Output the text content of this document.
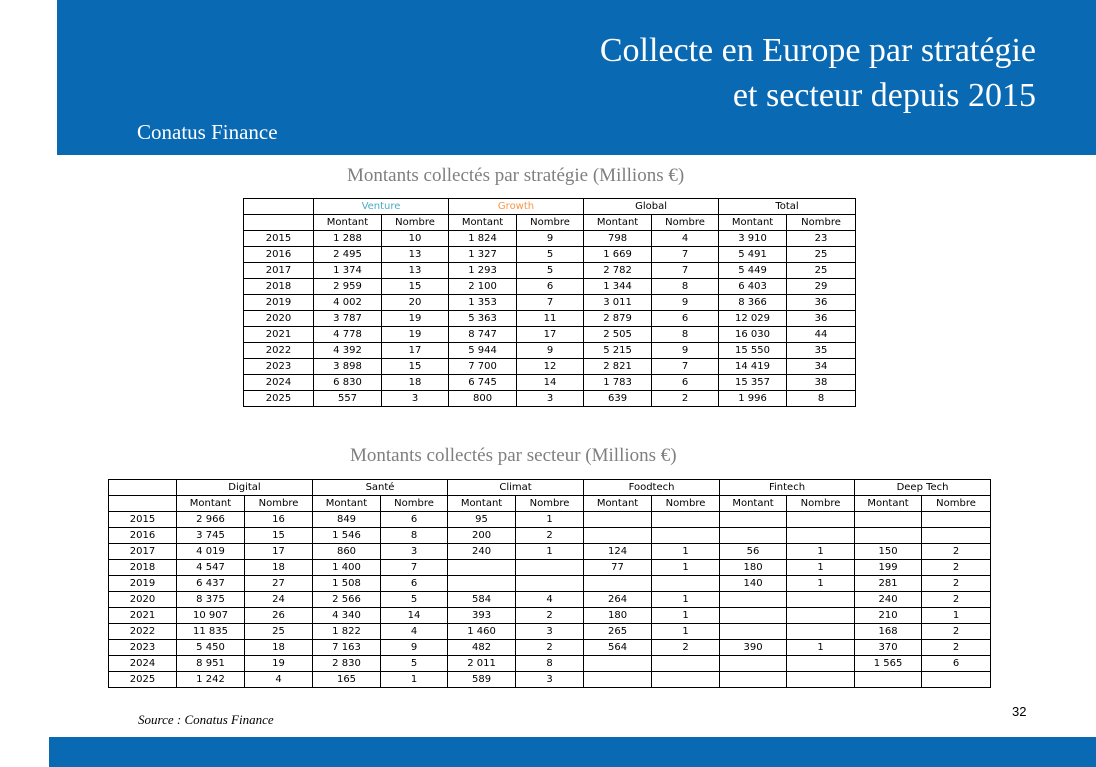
Collecte en Europe par stratégie
et secteur depuis 2015
Conatus Finance
Montants collectés par stratégie (Millions €)
	Venture		Growth		Global		Total	
	Montant	Nombre	Montant	Nombre	Montant	Nombre	Montant	Nombre
2015	1 288	10	1 824	9	798	4	3 910	23
2016	2 495	13	1 327	5	1 669	7	5 491	25
2017	1 374	13	1 293	5	2 782	7	5 449	25
2018	2 959	15	2 100	6	1 344	8	6 403	29
2019	4 002	20	1 353	7	3 011	9	8 366	36
2020	3 787	19	5 363	11	2 879	6	12 029	36
2021	4 778	19	8 747	17	2 505	8	16 030	44
2022	4 392	17	5 944	9	5 215	9	15 550	35
2023	3 898	15	7 700	12	2 821	7	14 419	34
2024	6 830	18	6 745	14	1 783	6	15 357	38
2025	557	3	800	3	639	2	1 996	8
Montants collectés par secteur (Millions €)
	Digital		Santé		Climat		Foodtech		Fintech		Deep Tech	
	Montant	Nombre	Montant	Nombre	Montant	Nombre	Montant	Nombre	Montant	Nombre	Montant	Nombre
2015	2 966	16	849	6	95	1						
2016	3 745	15	1 546	8	200	2						
2017	4 019	17	860	3	240	1	124	1	56	1	150	2
2018	4 547	18	1 400	7			77	1	180	1	199	2
2019	6 437	27	1 508	6					140	1	281	2
2020	8 375	24	2 566	5	584	4	264	1			240	2
2021	10 907	26	4 340	14	393	2	180	1			210	1
2022	11 835	25	1 822	4	1 460	3	265	1			168	2
2023	5 450	18	7 163	9	482	2	564	2	390	1	370	2
2024	8 951	19	2 830	5	2 011	8					1 565	6
2025	1 242	4	165	1	589	3						
Source : Conatus Finance
32
